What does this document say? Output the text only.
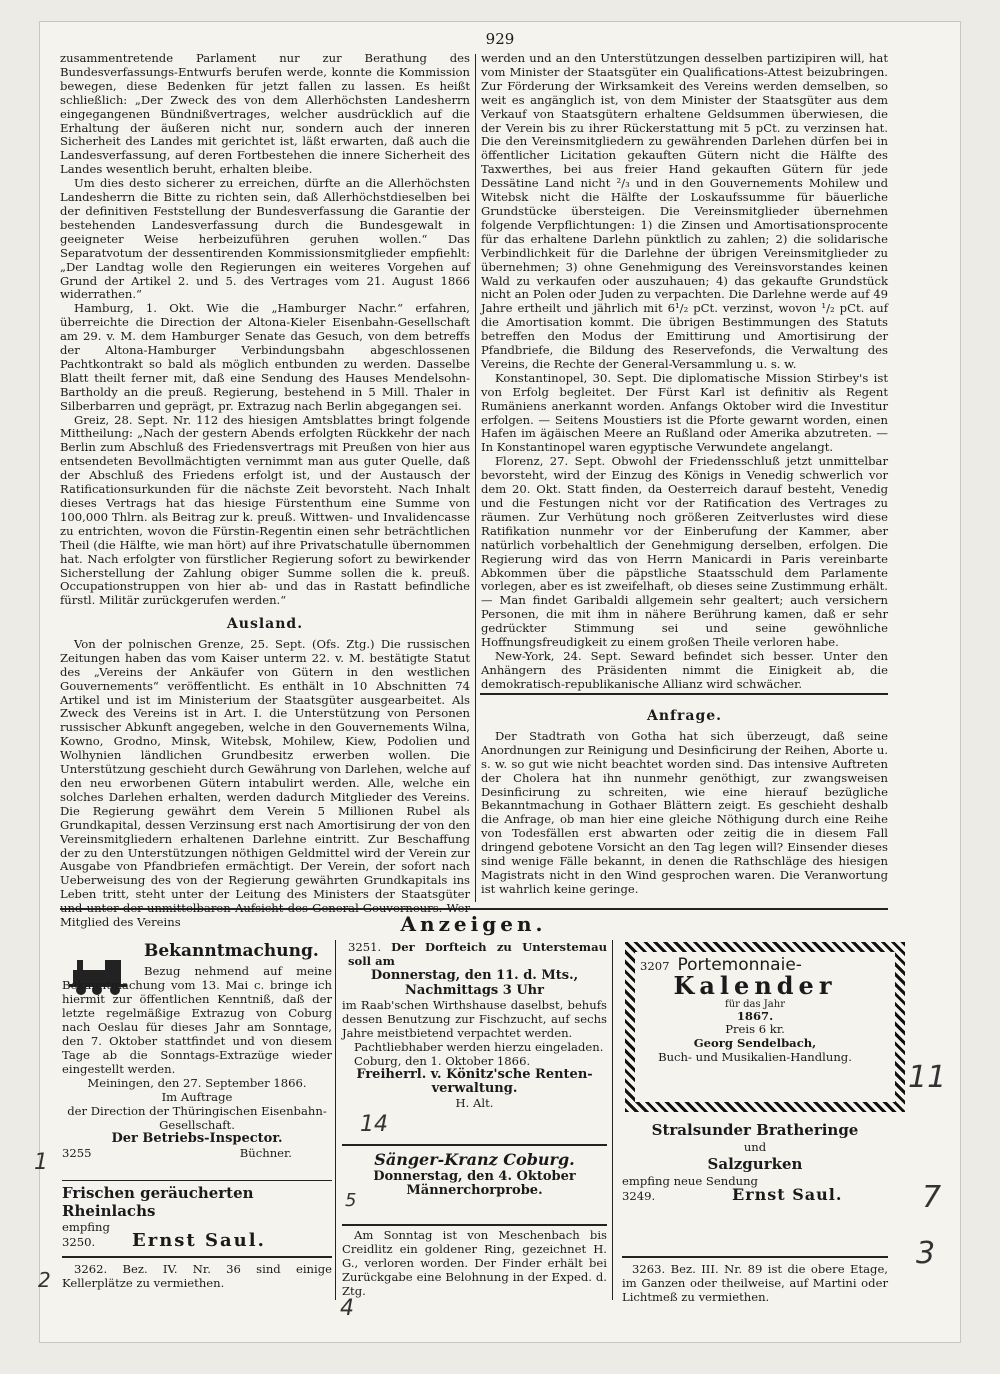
929

zusammentretende Parlament nur zur Berathung des Bundesverfassungs-Entwurfs berufen werde, konnte die Kommission bewegen, diese Bedenken für jetzt fallen zu lassen. Es heißt schließlich: „Der Zweck des von dem Allerhöchsten Landesherrn eingegangenen Bündnißvertrages, welcher ausdrücklich auf die Erhaltung der äußeren nicht nur, sondern auch der inneren Sicherheit des Landes mit gerichtet ist, läßt erwarten, daß auch die Landesverfassung, auf deren Fortbestehen die innere Sicherheit des Landes wesentlich beruht, erhalten bleibe.

Um dies desto sicherer zu erreichen, dürfte an die Allerhöchsten Landesherrn die Bitte zu richten sein, daß Allerhöchstdieselben bei der definitiven Feststellung der Bundesverfassung die Garantie der bestehenden Landesverfassung durch die Bundesgewalt in geeigneter Weise herbeizuführen geruhen wollen.“ Das Separatvotum der dessentirenden Kommissionsmitglieder empfiehlt: „Der Landtag wolle den Regierungen ein weiteres Vorgehen auf Grund der Artikel 2. und 5. des Vertrages vom 21. August 1866 widerrathen.“

Hamburg, 1. Okt. Wie die „Hamburger Nachr.“ erfahren, überreichte die Direction der Altona-Kieler Eisenbahn-Gesellschaft am 29. v. M. dem Hamburger Senate das Gesuch, von dem betreffs der Altona-Hamburger Verbindungsbahn abgeschlossenen Pachtkontrakt so bald als möglich entbunden zu werden. Dasselbe Blatt theilt ferner mit, daß eine Sendung des Hauses Mendelsohn-Bartholdy an die preuß. Regierung, bestehend in 5 Mill. Thaler in Silberbarren und geprägt, pr. Extrazug nach Berlin abgegangen sei.

Greiz, 28. Sept. Nr. 112 des hiesigen Amtsblattes bringt folgende Mittheilung: „Nach der gestern Abends erfolgten Rückkehr der nach Berlin zum Abschluß des Friedensvertrags mit Preußen von hier aus entsendeten Bevollmächtigten vernimmt man aus guter Quelle, daß der Abschluß des Friedens erfolgt ist, und der Austausch der Ratificationsurkunden für die nächste Zeit bevorsteht. Nach Inhalt dieses Vertrags hat das hiesige Fürstenthum eine Summe von 100,000 Thlrn. als Beitrag zur k. preuß. Wittwen- und Invalidencasse zu entrichten, wovon die Fürstin-Regentin einen sehr beträchtlichen Theil (die Hälfte, wie man hört) auf ihre Privatschatulle übernommen hat. Nach erfolgter von fürstlicher Regierung sofort zu bewirkender Sicherstellung der Zahlung obiger Summe sollen die k. preuß. Occupationstruppen von hier ab- und das in Rastatt befindliche fürstl. Militär zurückgerufen werden.“

Ausland.

Von der polnischen Grenze, 25. Sept. (Ofs. Ztg.) Die russischen Zeitungen haben das vom Kaiser unterm 22. v. M. bestätigte Statut des „Vereins der Ankäufer von Gütern in den westlichen Gouvernements“ veröffentlicht. Es enthält in 10 Abschnitten 74 Artikel und ist im Ministerium der Staatsgüter ausgearbeitet. Als Zweck des Vereins ist in Art. I. die Unterstützung von Personen russischer Abkunft angegeben, welche in den Gouvernements Wilna, Kowno, Grodno, Minsk, Witebsk, Mohilew, Kiew, Podolien und Wolhynien ländlichen Grundbesitz erwerben wollen. Die Unterstützung geschieht durch Gewährung von Darlehen, welche auf den neu erworbenen Gütern intabulirt werden. Alle, welche ein solches Darlehen erhalten, werden dadurch Mitglieder des Vereins. Die Regierung gewährt dem Verein 5 Millionen Rubel als Grundkapital, dessen Verzinsung erst nach Amortisirung der von den Vereinsmitgliedern erhaltenen Darlehne eintritt. Zur Beschaffung der zu den Unterstützungen nöthigen Geldmittel wird der Verein zur Ausgabe von Pfandbriefen ermächtigt. Der Verein, der sofort nach Ueberweisung des von der Regierung gewährten Grundkapitals ins Leben tritt, steht unter der Leitung des Ministers der Staatsgüter und unter der unmittelbaren Aufsicht des General-Gouverneurs. Wer Mitglied des Vereins

werden und an den Unterstützungen desselben partizipiren will, hat vom Minister der Staatsgüter ein Qualifications-Attest beizubringen. Zur Förderung der Wirksamkeit des Vereins werden demselben, so weit es angänglich ist, von dem Minister der Staatsgüter aus dem Verkauf von Staatsgütern erhaltene Geldsummen überwiesen, die der Verein bis zu ihrer Rückerstattung mit 5 pCt. zu verzinsen hat. Die den Vereinsmitgliedern zu gewährenden Darlehen dürfen bei in öffentlicher Licitation gekauften Gütern nicht die Hälfte des Taxwerthes, bei aus freier Hand gekauften Gütern für jede Dessätine Land nicht ²/₃ und in den Gouvernements Mohilew und Witebsk nicht die Hälfte der Loskaufssumme für bäuerliche Grundstücke übersteigen. Die Vereinsmitglieder übernehmen folgende Verpflichtungen: 1) die Zinsen und Amortisationsprocente für das erhaltene Darlehn pünktlich zu zahlen; 2) die solidarische Verbindlichkeit für die Darlehne der übrigen Vereinsmitglieder zu übernehmen; 3) ohne Genehmigung des Vereinsvorstandes keinen Wald zu verkaufen oder auszuhauen; 4) das gekaufte Grundstück nicht an Polen oder Juden zu verpachten. Die Darlehne werde auf 49 Jahre ertheilt und jährlich mit 6¹/₂ pCt. verzinst, wovon ¹/₂ pCt. auf die Amortisation kommt. Die übrigen Bestimmungen des Statuts betreffen den Modus der Emittirung und Amortisirung der Pfandbriefe, die Bildung des Reservefonds, die Verwaltung des Vereins, die Rechte der General-Versammlung u. s. w.

Konstantinopel, 30. Sept. Die diplomatische Mission Stirbey's ist von Erfolg begleitet. Der Fürst Karl ist definitiv als Regent Rumäniens anerkannt worden. Anfangs Oktober wird die Investitur erfolgen. — Seitens Moustiers ist die Pforte gewarnt worden, einen Hafen im ägäischen Meere an Rußland oder Amerika abzutreten. — In Konstantinopel waren egyptische Verwundete angelangt.

Florenz, 27. Sept. Obwohl der Friedensschluß jetzt unmittelbar bevorsteht, wird der Einzug des Königs in Venedig schwerlich vor dem 20. Okt. Statt finden, da Oesterreich darauf besteht, Venedig und die Festungen nicht vor der Ratification des Vertrages zu räumen. Zur Verhütung noch größeren Zeitverlustes wird diese Ratifikation nunmehr vor der Einberufung der Kammer, aber natürlich vorbehaltlich der Genehmigung derselben, erfolgen. Die Regierung wird das von Herrn Manicardi in Paris vereinbarte Abkommen über die päpstliche Staatsschuld dem Parlamente vorlegen, aber es ist zweifelhaft, ob dieses seine Zustimmung erhält. — Man findet Garibaldi allgemein sehr gealtert; auch versichern Personen, die mit ihm in nähere Berührung kamen, daß er sehr gedrückter Stimmung sei und seine gewöhnliche Hoffnungsfreudigkeit zu einem großen Theile verloren habe.

New-York, 24. Sept. Seward befindet sich besser. Unter den Anhängern des Präsidenten nimmt die Einigkeit ab, die demokratisch-republikanische Allianz wird schwächer.

Anfrage.

Der Stadtrath von Gotha hat sich überzeugt, daß seine Anordnungen zur Reinigung und Desinficirung der Reihen, Aborte u. s. w. so gut wie nicht beachtet worden sind. Das intensive Auftreten der Cholera hat ihn nunmehr genöthigt, zur zwangsweisen Desinficirung zu schreiten, wie eine hierauf bezügliche Bekanntmachung in Gothaer Blättern zeigt. Es geschieht deshalb die Anfrage, ob man hier eine gleiche Nöthigung durch eine Reihe von Todesfällen erst abwarten oder zeitig die in diesem Fall dringend gebotene Vorsicht an den Tag legen will? Einsender dieses sind wenige Fälle bekannt, in denen die Rathschläge des hiesigen Magistrats nicht in den Wind gesprochen waren. Die Veranwortung ist wahrlich keine geringe.

Anzeigen.
Bekanntmachung.
Bezug nehmend auf meine Bekanntmachung vom 13. Mai c. bringe ich hiermit zur öffentlichen Kenntniß, daß der letzte regelmäßige Extrazug von Coburg nach Oeslau für dieses Jahr am Sonntage, den 7. Oktober stattfindet und von diesem Tage ab die Sonntags-Extrazüge wieder eingestellt werden.
Meiningen, den 27. September 1866.
Im Auftrage
der Direction der Thüringischen Eisenbahn-Gesellschaft.
Der Betriebs-Inspector.
3255	Büchner.
Frischen geräucherten Rheinlachs
empfing
3250.	Ernst Saul.
3262. Bez. IV. Nr. 36 sind einige Kellerplätze zu vermiethen.
3251. Der Dorfteich zu Unterstemau soll am
Donnerstag, den 11. d. Mts., Nachmittags 3 Uhr
im Raab'schen Wirthshause daselbst, behufs dessen Benutzung zur Fischzucht, auf sechs Jahre meistbietend verpachtet werden.
Pachtliebhaber werden hierzu eingeladen.
Coburg, den 1. Oktober 1866.
Freiherrl. v. Könitz'sche Renten-verwaltung.
H. Alt.
Sänger-Kranz Coburg.
Donnerstag, den 4. Oktober
Männerchorprobe.
Am Sonntag ist von Meschenbach bis Creidlitz ein goldener Ring, gezeichnet H. G., verloren worden. Der Finder erhält bei Zurückgabe eine Belohnung in der Exped. d. Ztg.
3207 Portemonnaie-
Kalender
für das Jahr
1867.
Preis 6 kr.
Georg Sendelbach,
Buch- und Musikalien-Handlung.
Stralsunder Bratheringe
und
Salzgurken
empfing neue Sendung
3249.	Ernst Saul.
3263. Bez. III. Nr. 89 ist die obere Etage, im Ganzen oder theilweise, auf Martini oder Lichtmeß zu vermiethen.
11
14
7
5
3
4
1
2
